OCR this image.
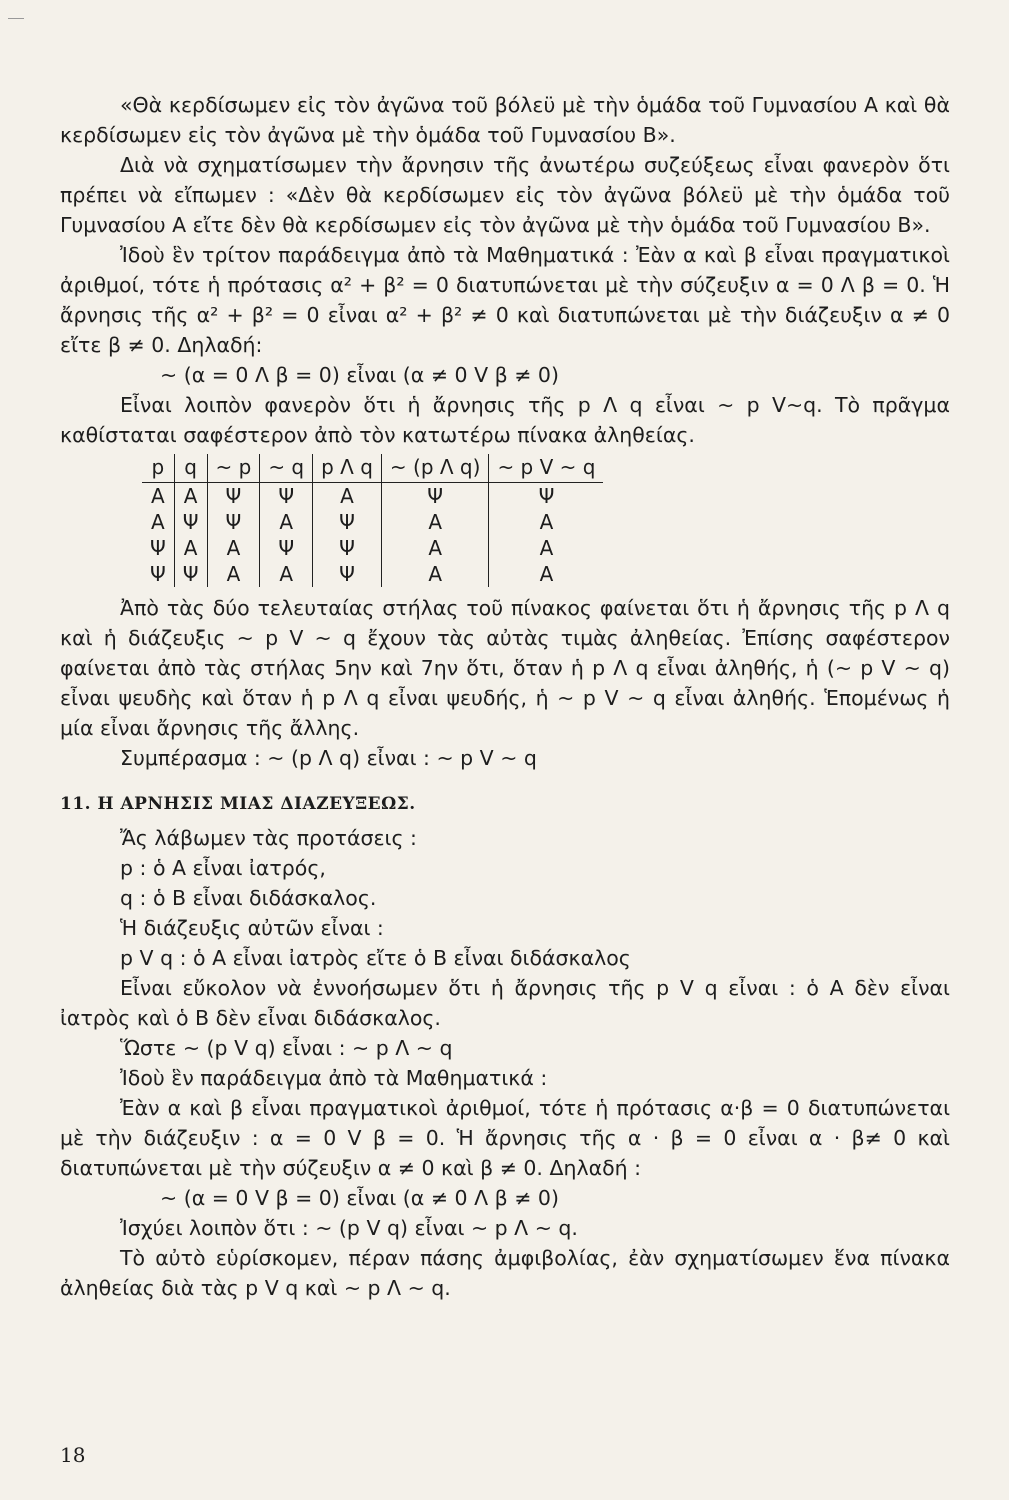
«Θὰ κερδίσωμεν εἰς τὸν ἀγῶνα τοῦ βόλεϋ μὲ τὴν ὁμάδα τοῦ Γυμνασίου Α καὶ θὰ κερδίσωμεν εἰς τὸν ἀγῶνα μὲ τὴν ὁμάδα τοῦ Γυμνασίου Β».

Διὰ νὰ σχηματίσωμεν τὴν ἄρνησιν τῆς ἀνωτέρω συζεύξεως εἶναι φανερὸν ὅτι πρέπει νὰ εἴπωμεν : «Δὲν θὰ κερδίσωμεν εἰς τὸν ἀγῶνα βόλεϋ μὲ τὴν ὁμάδα τοῦ Γυμνασίου Α εἴτε δὲν θὰ κερδίσωμεν εἰς τὸν ἀγῶνα μὲ τὴν ὁμάδα τοῦ Γυμνασίου Β».

Ἰδοὺ ἓν τρίτον παράδειγμα ἀπὸ τὰ Μαθηματικά : Ἐὰν α καὶ β εἶναι πραγματικοὶ ἀριθμοί, τότε ἡ πρότασις α² + β² = 0 διατυπώνεται μὲ τὴν σύζευξιν α = 0 Λ β = 0. Ἡ ἄρνησις τῆς α² + β² = 0 εἶναι α² + β² ≠ 0 καὶ διατυπώνεται μὲ τὴν διάζευξιν α ≠ 0 εἴτε β ≠ 0. Δηλαδή:

~ (α = 0 Λ β = 0) εἶναι (α ≠ 0 V β ≠ 0)

Εἶναι λοιπὸν φανερὸν ὅτι ἡ ἄρνησις τῆς p Λ q εἶναι ~ p V~q. Τὸ πρᾶγμα καθίσταται σαφέστερον ἀπὸ τὸν κατωτέρω πίνακα ἀληθείας.

p	q	~ p	~ q	p Λ q	~ (p Λ q)	~ p V ~ q
Α	Α	Ψ	Ψ	Α	Ψ	Ψ
Α	Ψ	Ψ	Α	Ψ	Α	Α
Ψ	Α	Α	Ψ	Ψ	Α	Α
Ψ	Ψ	Α	Α	Ψ	Α	Α

Ἀπὸ τὰς δύο τελευταίας στήλας τοῦ πίνακος φαίνεται ὅτι ἡ ἄρνησις τῆς p Λ q καὶ ἡ διάζευξις ~ p V ~ q ἔχουν τὰς αὐτὰς τιμὰς ἀληθείας. Ἐπίσης σαφέστερον φαίνεται ἀπὸ τὰς στήλας 5ην καὶ 7ην ὅτι, ὅταν ἡ p Λ q εἶναι ἀληθής, ἡ (~ p V ~ q) εἶναι ψευδὴς καὶ ὅταν ἡ p Λ q εἶναι ψευδής, ἡ ~ p V ~ q εἶναι ἀληθής. Ἑπομένως ἡ μία εἶναι ἄρνησις τῆς ἄλλης.

Συμπέρασμα : ~ (p Λ q) εἶναι : ~ p V ~ q

11. Η ΑΡΝΗΣΙΣ ΜΙΑΣ ΔΙΑΖΕΥΞΕΩΣ.

Ἄς λάβωμεν τὰς προτάσεις :

p : ὁ Α εἶναι ἰατρός,

q : ὁ Β εἶναι διδάσκαλος.

Ἡ διάζευξις αὐτῶν εἶναι :

p V q : ὁ Α εἶναι ἰατρὸς εἴτε ὁ Β εἶναι διδάσκαλος

Εἶναι εὔκολον νὰ ἐννοήσωμεν ὅτι ἡ ἄρνησις τῆς p V q εἶναι : ὁ Α δὲν εἶναι ἰατρὸς καὶ ὁ Β δὲν εἶναι διδάσκαλος.

Ὥστε ~ (p V q) εἶναι : ~ p Λ ~ q

Ἰδοὺ ἓν παράδειγμα ἀπὸ τὰ Μαθηματικά :

Ἐὰν α καὶ β εἶναι πραγματικοὶ ἀριθμοί, τότε ἡ πρότασις α·β = 0 διατυπώνεται μὲ τὴν διάζευξιν : α = 0 V β = 0. Ἡ ἄρνησις τῆς α · β = 0 εἶναι α · β≠ 0 καὶ διατυπώνεται μὲ τὴν σύζευξιν α ≠ 0 καὶ β ≠ 0. Δηλαδή :

~ (α = 0 V β = 0) εἶναι (α ≠ 0 Λ β ≠ 0)

Ἰσχύει λοιπὸν ὅτι : ~ (p V q) εἶναι ~ p Λ ~ q.

Τὸ αὐτὸ εὑρίσκομεν, πέραν πάσης ἀμφιβολίας, ἐὰν σχηματίσωμεν ἕνα πίνακα ἀληθείας διὰ τὰς p V q καὶ ~ p Λ ~ q.

18
